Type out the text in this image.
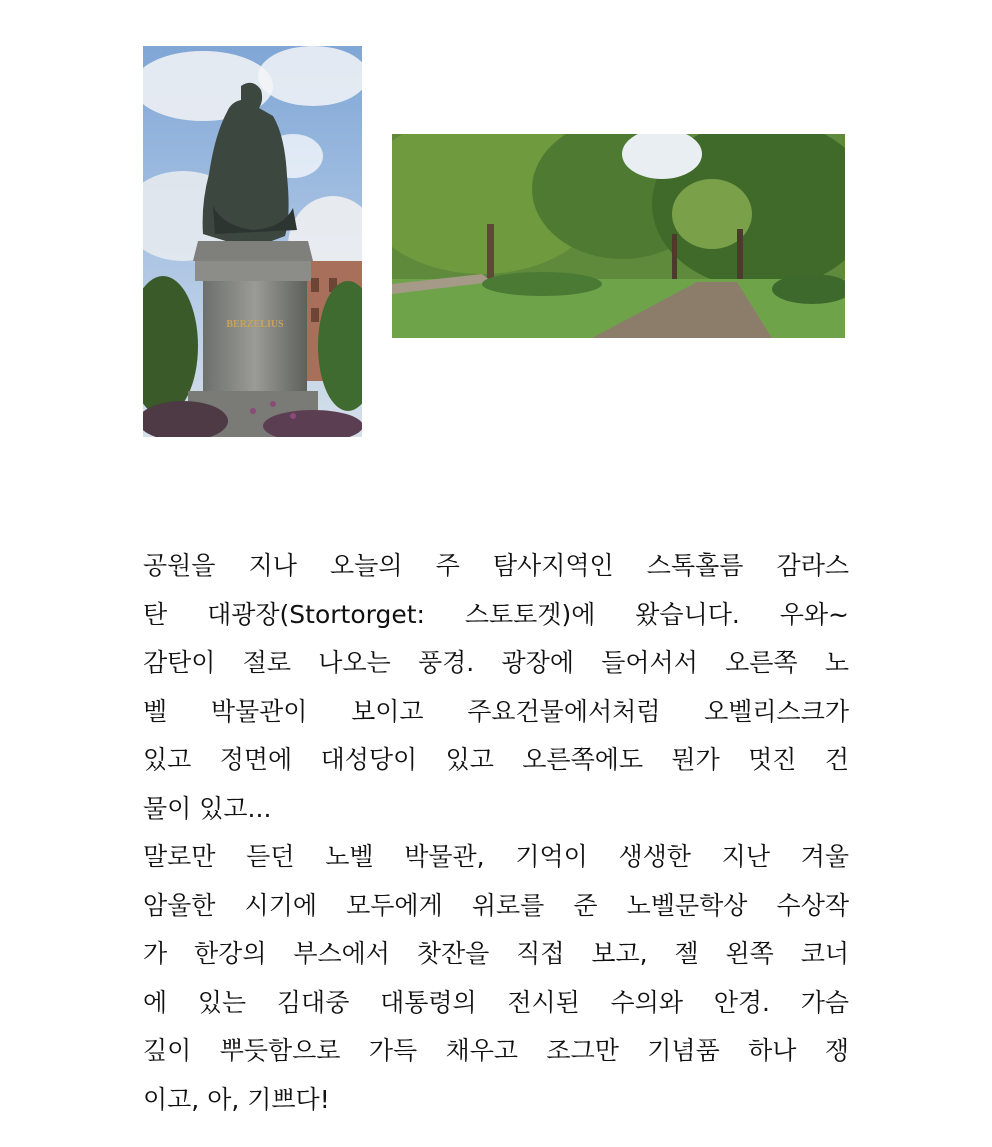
BERZELIUS
공원을 지나 오늘의 주 탐사지역인 스톡홀름 감라스
탄 대광장(Stortorget: 스토토겟)에 왔습니다. 우와~
감탄이 절로 나오는 풍경. 광장에 들어서서 오른쪽 노
벨 박물관이 보이고 주요건물에서처럼 오벨리스크가
있고 정면에 대성당이 있고 오른쪽에도 뭔가 멋진 건
물이 있고...
말로만 듣던 노벨 박물관, 기억이 생생한 지난 겨울
암울한 시기에 모두에게 위로를 준 노벨문학상 수상작
가 한강의 부스에서 찻잔을 직접 보고, 젤 왼쪽 코너
에 있는 김대중 대통령의 전시된 수의와 안경. 가슴
깊이 뿌듯함으로 가득 채우고 조그만 기념품 하나 쟁
이고, 아, 기쁘다!
